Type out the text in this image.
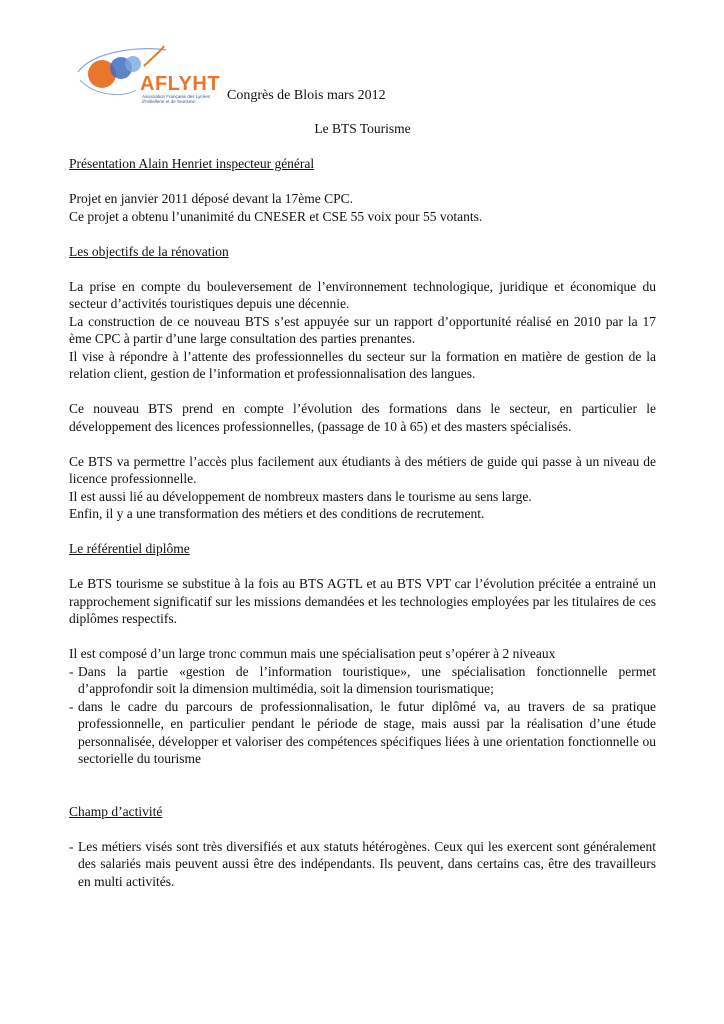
AFLYHT
Association Française des Lycées d'Hôtellerie et de Tourisme	Congrès de Blois mars 2012

Le BTS Tourisme

Présentation Alain Henriet inspecteur général

Projet en janvier 2011 déposé devant la 17ème CPC.

Ce projet a obtenu l’unanimité du CNESER et CSE 55 voix pour 55 votants.

Les objectifs de la rénovation

La prise en compte du bouleversement de l’environnement technologique, juridique et économique du secteur d’activités touristiques depuis une décennie.

La construction de ce nouveau BTS s’est appuyée sur un rapport d’opportunité réalisé en 2010 par la 17 ème CPC à partir d’une large consultation des parties prenantes.

Il vise à répondre à l’attente des professionnelles du secteur sur la formation en matière de gestion de la relation client, gestion de l’information et professionnalisation des langues.

Ce nouveau BTS prend en compte l’évolution des formations dans le secteur, en particulier le développement des licences professionnelles, (passage de 10 à 65) et des masters spécialisés.

Ce BTS va permettre l’accès plus facilement aux étudiants à des métiers de guide qui passe à un niveau de licence professionnelle.

Il est aussi lié au développement de nombreux masters dans le tourisme au sens large.

Enfin, il y a une transformation des métiers et des conditions de recrutement.

Le référentiel diplôme

Le BTS tourisme se substitue à la fois au BTS AGTL et au BTS VPT car l’évolution précitée a entrainé un rapprochement significatif sur les missions demandées et les technologies employées par les titulaires de ces diplômes respectifs.

Il est composé d’un large tronc commun mais une spécialisation peut s’opérer à 2 niveaux

- Dans la partie «gestion de l’information touristique», une spécialisation fonctionnelle permet d’approfondir soit la dimension multimédia, soit la dimension tourismatique;
- dans le cadre du parcours de professionnalisation, le futur diplômé va, au travers de sa pratique professionnelle, en particulier pendant le période de stage, mais aussi par la réalisation d’une étude personnalisée, développer et valoriser des compétences spécifiques liées à une orientation fonctionnelle ou sectorielle du tourisme

Champ d’activité

- Les métiers visés sont très diversifiés et aux statuts hétérogènes. Ceux qui les exercent sont généralement des salariés mais peuvent aussi être des indépendants. Ils peuvent, dans certains cas, être des travailleurs en multi activités.
